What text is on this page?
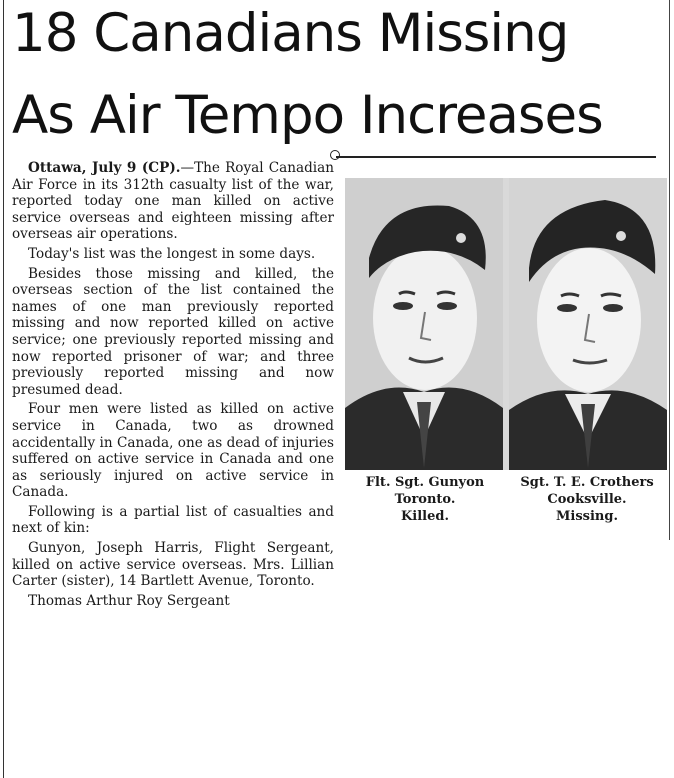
18 Canadians Missing
As Air Tempo Increases

Ottawa, July 9 (CP).—The Royal Canadian Air Force in its 312th casualty list of the war, reported today one man killed on active service overseas and eighteen missing after overseas air operations.

Today's list was the longest in some days.

Besides those missing and killed, the overseas section of the list contained the names of one man previously reported missing and now reported killed on active service; one previously reported missing and now reported prisoner of war; and three previously reported missing and now presumed dead.

Four men were listed as killed on active service in Canada, two as drowned accidentally in Canada, one as dead of injuries suffered on active service in Canada and one as seriously injured on active service in Canada.

Following is a partial list of casualties and next of kin:

Gunyon, Joseph Harris, Flight Sergeant, killed on active service overseas. Mrs. Lillian Carter (sister), 14 Bartlett Avenue, Toronto.

Thomas Arthur Roy Sergeant

Flt. Sgt. Gunyon
Toronto.
Killed.
Sgt. T. E. Crothers
Cooksville.
Missing.
